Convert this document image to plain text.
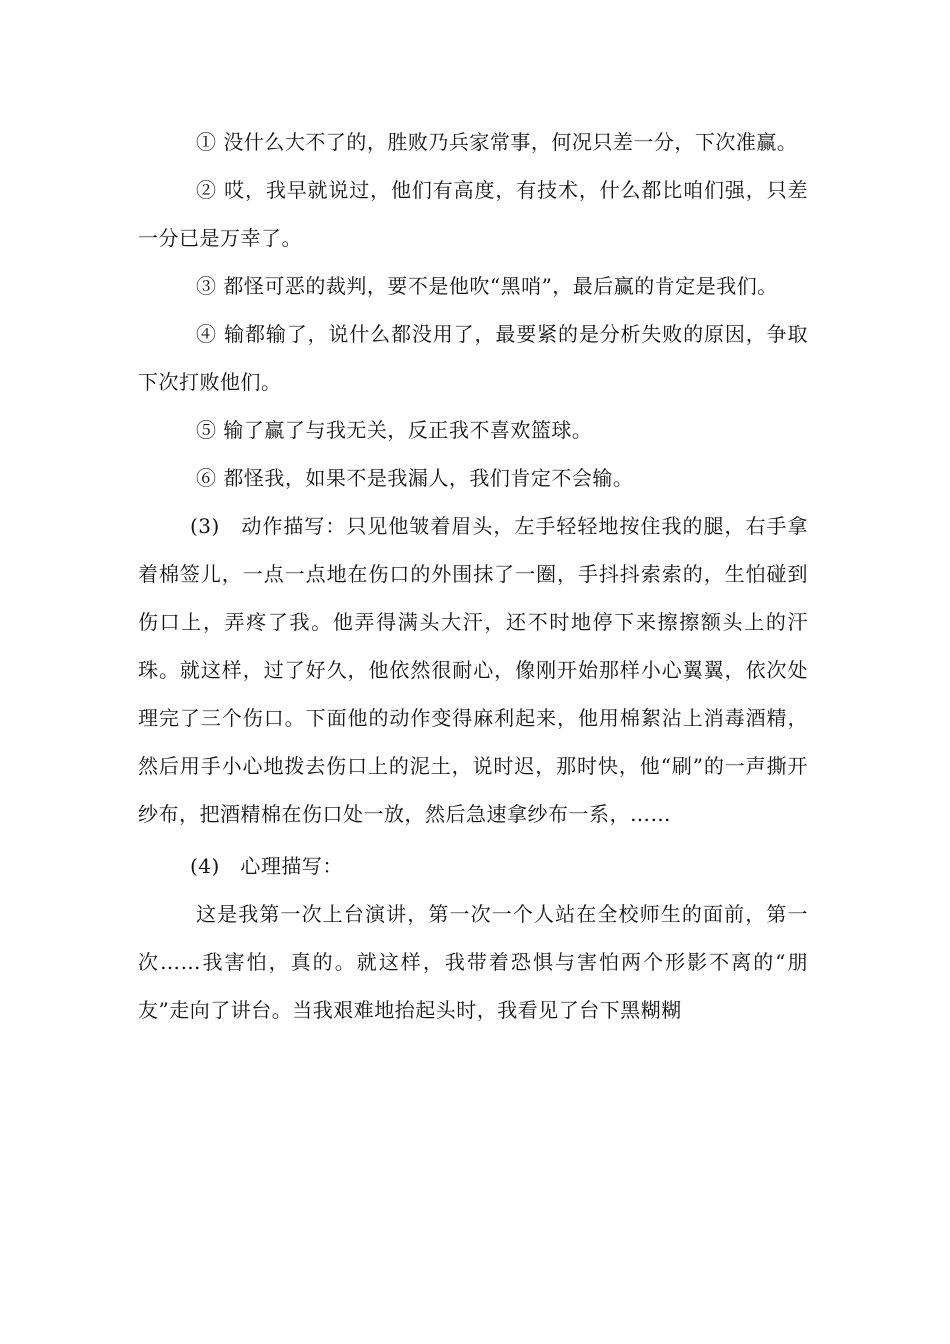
① 没什么大不了的，胜败乃兵家常事，何况只差一分，下次准赢。

② 哎，我早就说过，他们有高度，有技术，什么都比咱们强，只差一分已是万幸了。

③ 都怪可恶的裁判，要不是他吹“黑哨”，最后赢的肯定是我们。

④ 输都输了，说什么都没用了，最要紧的是分析失败的原因，争取下次打败他们。

⑤ 输了赢了与我无关，反正我不喜欢篮球。

⑥ 都怪我，如果不是我漏人，我们肯定不会输。

(3)　动作描写：只见他皱着眉头，左手轻轻地按住我的腿，右手拿着棉签儿，一点一点地在伤口的外围抹了一圈，手抖抖索索的，生怕碰到伤口上，弄疼了我。他弄得满头大汗，还不时地停下来擦擦额头上的汗珠。就这样，过了好久，他依然很耐心，像刚开始那样小心翼翼，依次处理完了三个伤口。下面他的动作变得麻利起来，他用棉絮沾上消毒酒精，然后用手小心地拨去伤口上的泥土，说时迟，那时快，他“刷”的一声撕开纱布，把酒精棉在伤口处一放，然后急速拿纱布一系，……

(4)　心理描写：

这是我第一次上台演讲，第一次一个人站在全校师生的面前，第一次……我害怕，真的。就这样，我带着恐惧与害怕两个形影不离的“朋友”走向了讲台。当我艰难地抬起头时，我看见了台下黑糊糊
